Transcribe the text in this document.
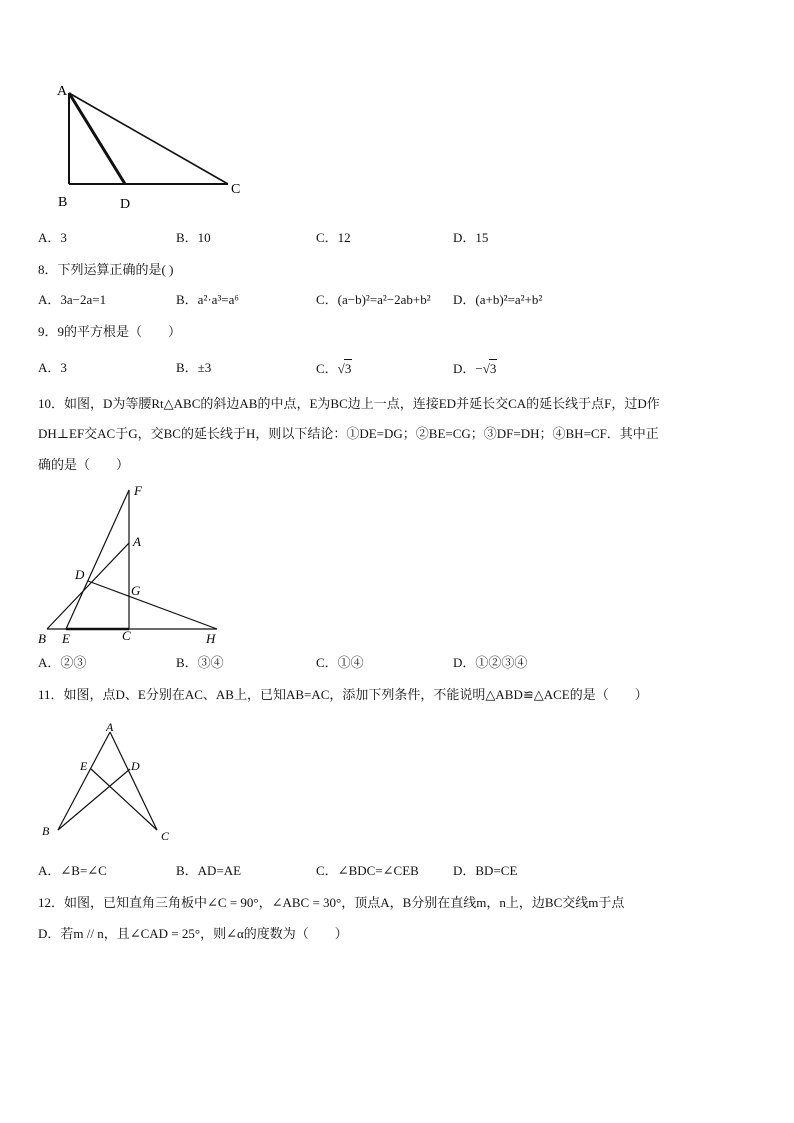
A
B	D
C
A．3	B．10	C．12	D．15
8．下列运算正确的是( )
A．3a−2a=1	B．a²·a³=a⁶	C．(a−b)²=a²−2ab+b² D．(a+b)²=a²+b²
9．9的平方根是（　　）
A．3	B．±3	C．√3	D．−√3
10．如图，D为等腰Rt△ABC的斜边AB的中点，E为BC边上一点，连接ED并延长交CA的延长线于点F，过D作
DH⊥EF交AC于G，交BC的延长线于H，则以下结论：①DE=DG；②BE=CG；③DF=DH；④BH=CF．其中正
确的是（　　）
F
A
D
G
B E	C	H
A．②③	B．③④	C．①④	D．①②③④
11．如图，点D、E分别在AC、AB上，已知AB=AC，添加下列条件，不能说明△ABD≌△ACE的是（　　）
A
E	D
B	C
A．∠B=∠C	B．AD=AE	C．∠BDC=∠CEB	D．BD=CE
12．如图，已知直角三角板中∠C = 90°，∠ABC = 30°，顶点A，B分别在直线m，n上，边BC交线m于点
D．若m // n，且∠CAD = 25°，则∠α的度数为（　　）
